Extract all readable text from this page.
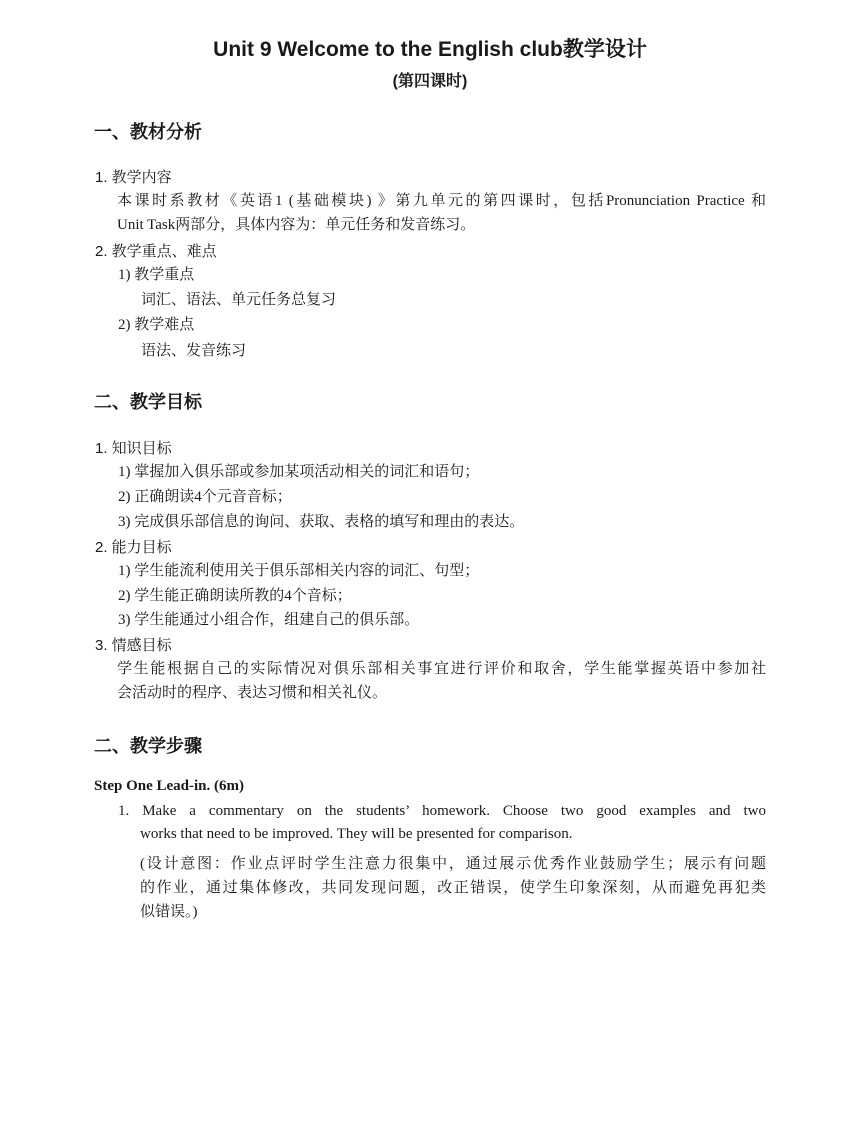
Unit 9 Welcome to the English club教学设计
(第四课时)
一、教材分析
1. 教学内容
本课时系教材《英语1 (基础模块) 》第九单元的第四课时，包括Pronunciation Practice 和
Unit Task两部分，具体内容为：单元任务和发音练习。
2. 教学重点、难点
1) 教学重点
词汇、语法、单元任务总复习
2) 教学难点
语法、发音练习
二、教学目标
1. 知识目标
1) 掌握加入俱乐部或参加某项活动相关的词汇和语句；
2) 正确朗读4个元音音标；
3) 完成俱乐部信息的询问、获取、表格的填写和理由的表达。
2. 能力目标
1) 学生能流利使用关于俱乐部相关内容的词汇、句型；
2) 学生能正确朗读所教的4个音标；
3) 学生能通过小组合作，组建自己的俱乐部。
3. 情感目标
学生能根据自己的实际情况对俱乐部相关事宜进行评价和取舍，学生能掌握英语中参加社
会活动时的程序、表达习惯和相关礼仪。
二、教学步骤
Step One Lead-in. (6m)
1. Make a commentary on the students’ homework. Choose two good examples and two
works that need to be improved. They will be presented for comparison.
(设计意图：作业点评时学生注意力很集中，通过展示优秀作业鼓励学生；展示有问题
的作业，通过集体修改，共同发现问题，改正错误，使学生印象深刻，从而避免再犯类
似错误。)
